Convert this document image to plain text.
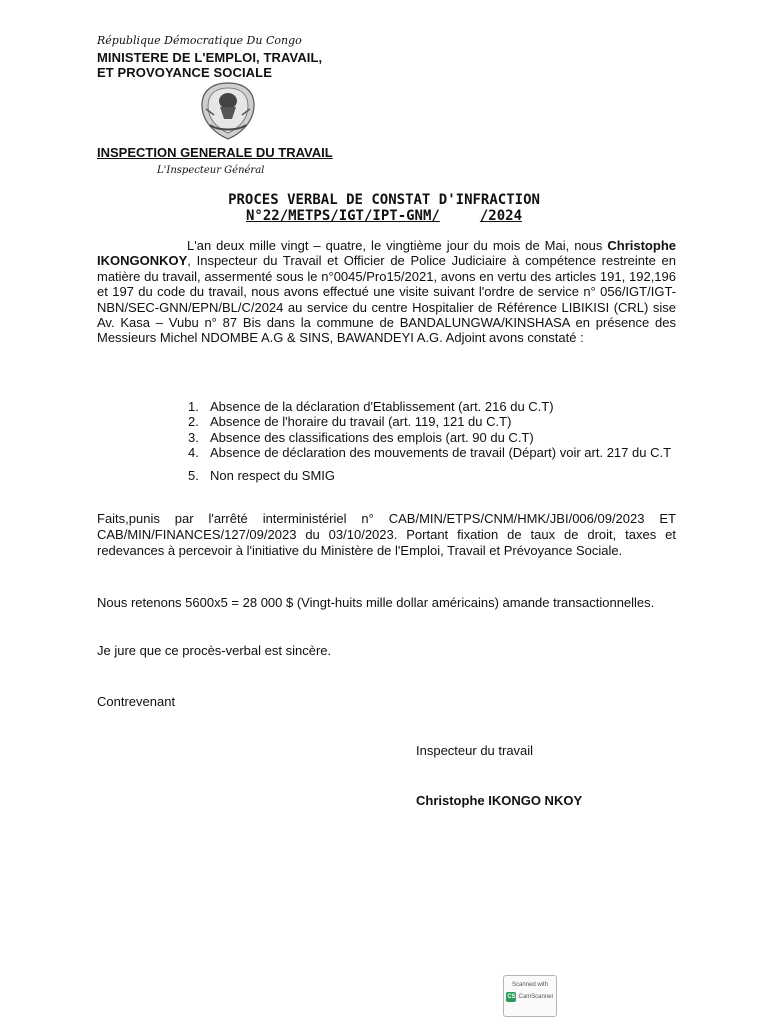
République Démocratique Du Congo
MINISTERE DE L'EMPLOI, TRAVAIL,
ET PROVOYANCE SOCIALE
INSPECTION GENERALE DU TRAVAIL
L'Inspecteur Général
PROCES VERBAL DE CONSTAT D'INFRACTION
N°22/METPS/IGT/IPT-GNM/	/2024
L'an deux mille vingt – quatre, le vingtième jour du mois de Mai, nous Christophe IKONGONKOY, Inspecteur du Travail et Officier de Police Judiciaire à compétence restreinte en matière du travail, assermenté sous le n°0045/Pro15/2021, avons en vertu des articles 191, 192,196 et 197 du code du travail, nous avons effectué une visite suivant l'ordre de service n° 056/IGT/IGT-NBN/SEC-GNN/EPN/BL/C/2024 au service du centre Hospitalier de Référence LIBIKISI (CRL) sise Av. Kasa – Vubu n° 87 Bis dans la commune de BANDALUNGWA/KINSHASA en présence des Messieurs Michel NDOMBE A.G & SINS, BAWANDEYI A.G. Adjoint avons constaté :
1. Absence de la déclaration d'Etablissement (art. 216 du C.T)
2. Absence de l'horaire du travail (art. 119, 121 du C.T)
3. Absence des classifications des emplois (art. 90 du C.T)
4. Absence de déclaration des mouvements de travail (Départ) voir art. 217 du C.T
5. Non respect du SMIG
Faits,punis par l'arrêté interministériel n° CAB/MIN/ETPS/CNM/HMK/JBI/006/09/2023 ET CAB/MIN/FINANCES/127/09/2023 du 03/10/2023. Portant fixation de taux de droit, taxes et redevances à percevoir à l'initiative du Ministère de l'Emploi, Travail et Prévoyance Sociale.
Nous retenons 5600x5 = 28 000 $ (Vingt-huits mille dollar américains) amande transactionnelles.
Je jure que ce procès-verbal est sincère.
Contrevenant
Inspecteur du travail
Christophe IKONGO NKOY
Scanned with
CS CamScanner
